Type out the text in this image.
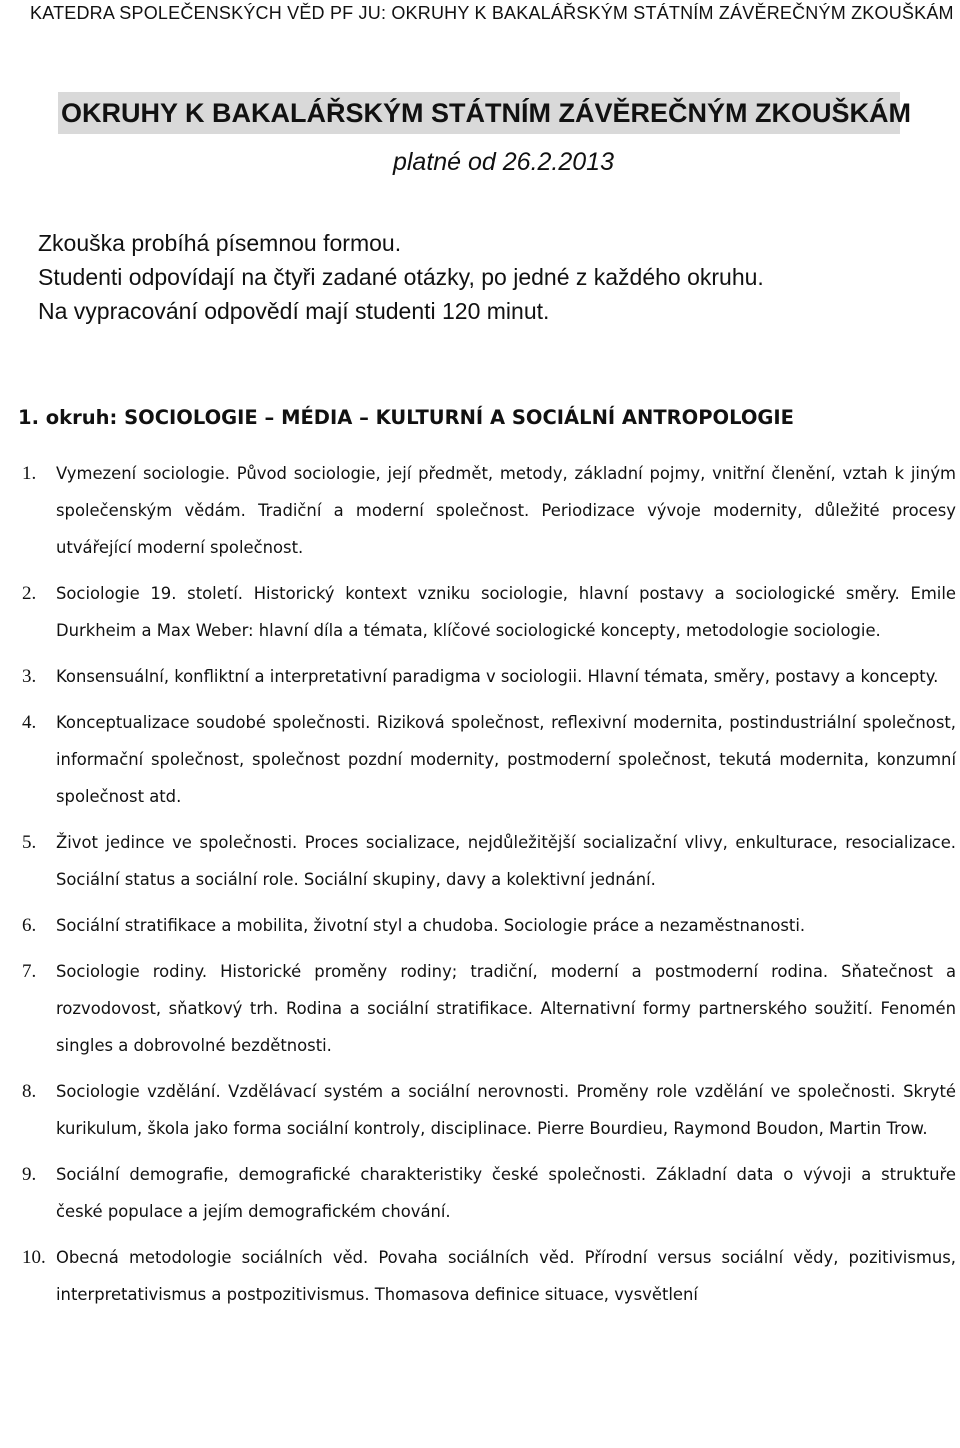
KATEDRA SPOLEČENSKÝCH VĚD PF JU: OKRUHY K BAKALÁŘSKÝM STÁTNÍM ZÁVĚREČNÝM ZKOUŠKÁM
OKRUHY K BAKALÁŘSKÝM STÁTNÍM ZÁVĚREČNÝM ZKOUŠKÁM
platné od 26.2.2013
Zkouška probíhá písemnou formou.
Studenti odpovídají na čtyři zadané otázky, po jedné z každého okruhu.
Na vypracování odpovědí mají studenti 120 minut.
1. okruh: SOCIOLOGIE – MÉDIA – KULTURNÍ A SOCIÁLNÍ ANTROPOLOGIE
1. Vymezení sociologie. Původ sociologie, její předmět, metody, základní pojmy, vnitřní členění, vztah k jiným společenským vědám. Tradiční a moderní společnost. Periodizace vývoje modernity, důležité procesy utvářející moderní společnost.
2. Sociologie 19. století. Historický kontext vzniku sociologie, hlavní postavy a sociologické směry. Emile Durkheim a Max Weber: hlavní díla a témata, klíčové sociologické koncepty, metodologie sociologie.
3. Konsensuální, konfliktní a interpretativní paradigma v sociologii. Hlavní témata, směry, postavy a koncepty.
4. Konceptualizace soudobé společnosti. Riziková společnost, reflexivní modernita, postindustriální společnost, informační společnost, společnost pozdní modernity, postmoderní společnost, tekutá modernita, konzumní společnost atd.
5. Život jedince ve společnosti. Proces socializace, nejdůležitější socializační vlivy, enkulturace, resocializace. Sociální status a sociální role. Sociální skupiny, davy a kolektivní jednání.
6. Sociální stratifikace a mobilita, životní styl a chudoba. Sociologie práce a nezaměstnanosti.
7. Sociologie rodiny. Historické proměny rodiny; tradiční, moderní a postmoderní rodina. Sňatečnost a rozvodovost, sňatkový trh. Rodina a sociální stratifikace. Alternativní formy partnerského soužití. Fenomén singles a dobrovolné bezdětnosti.
8. Sociologie vzdělání. Vzdělávací systém a sociální nerovnosti. Proměny role vzdělání ve společnosti. Skryté kurikulum, škola jako forma sociální kontroly, disciplinace. Pierre Bourdieu, Raymond Boudon, Martin Trow.
9. Sociální demografie, demografické charakteristiky české společnosti. Základní data o vývoji a struktuře české populace a jejím demografickém chování.
10. Obecná metodologie sociálních věd. Povaha sociálních věd. Přírodní versus sociální vědy, pozitivismus, interpretativismus a postpozitivismus. Thomasova definice situace, vysvětlení
